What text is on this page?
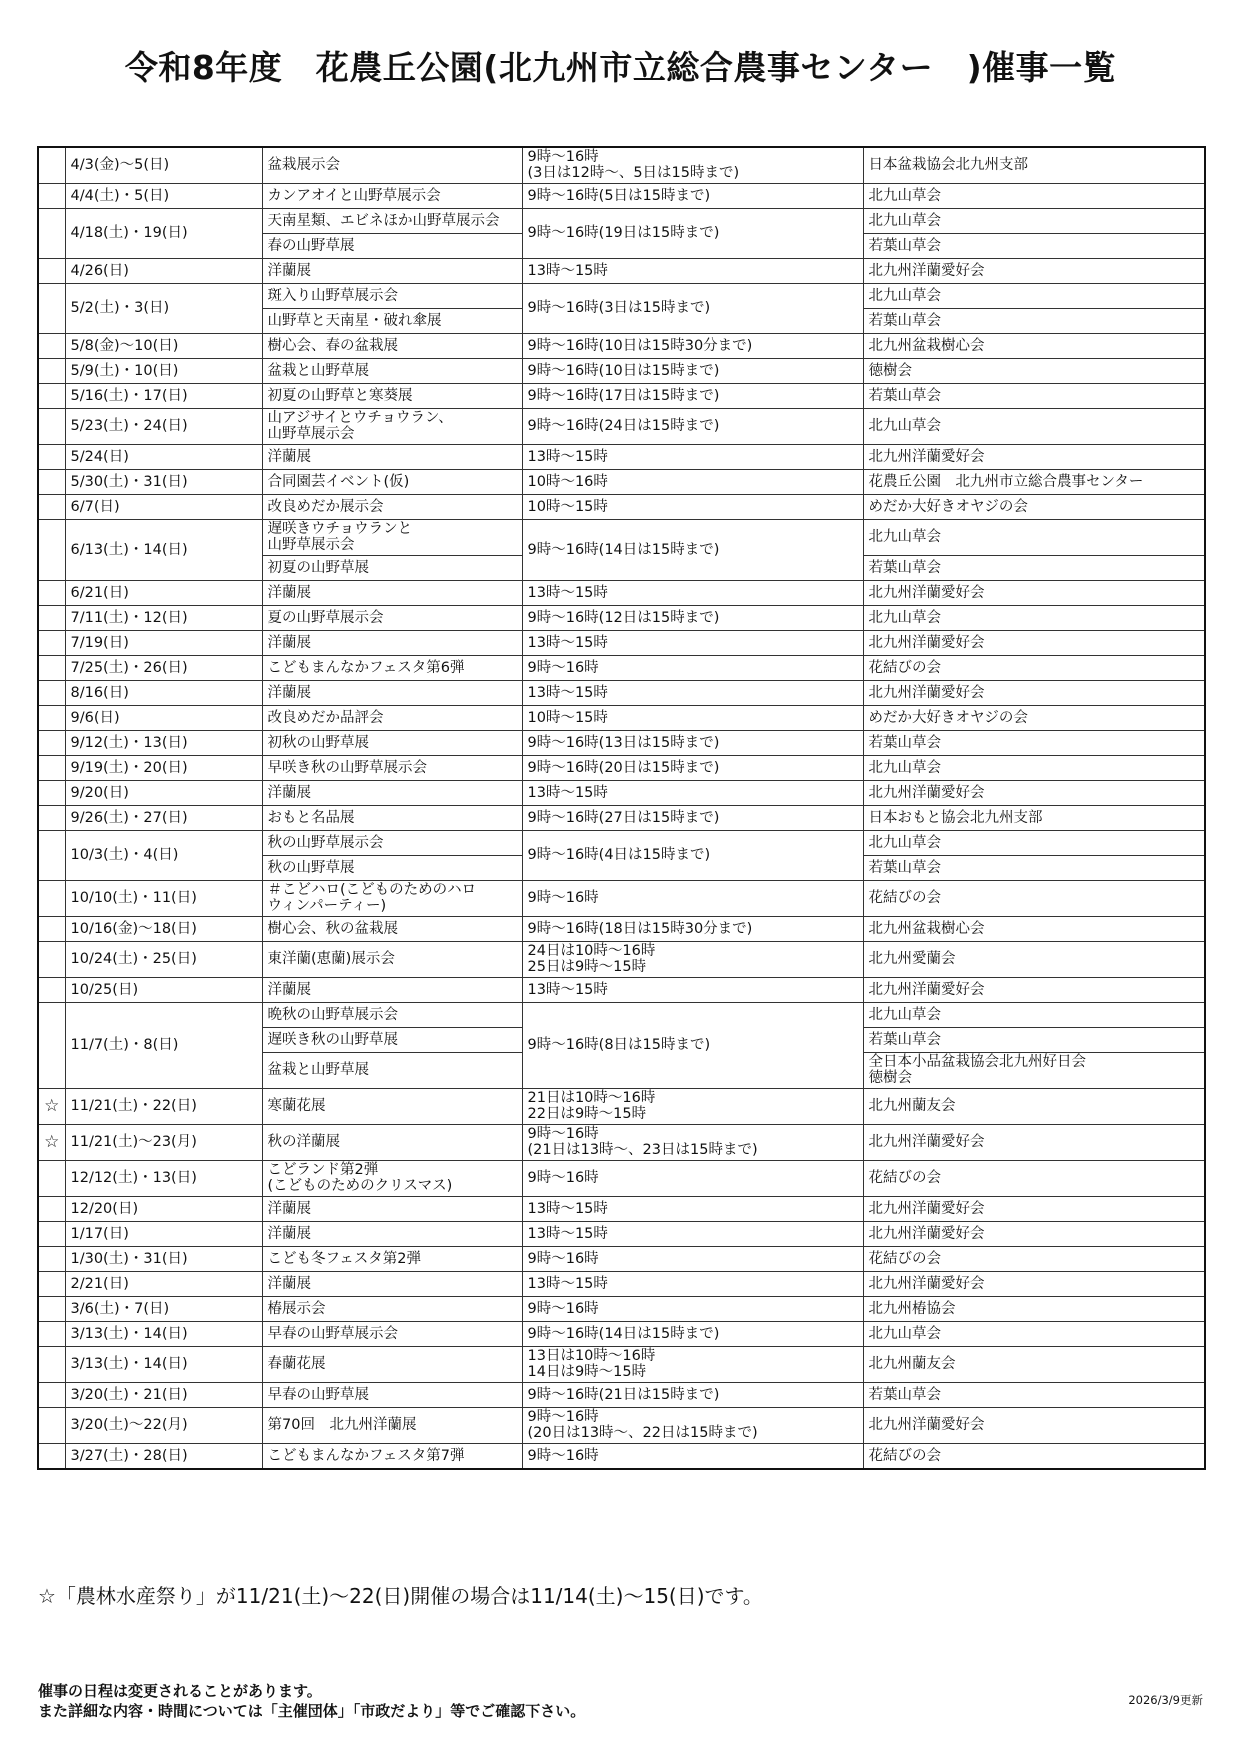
令和8年度　花農丘公園(北九州市立総合農事センター　)催事一覧
	4/3(金)～5(日)	盆栽展示会	9時～16時
(3日は12時～、5日は15時まで)	日本盆栽協会北九州支部
	4/4(土)・5(日)	カンアオイと山野草展示会	9時～16時(5日は15時まで)	北九山草会
	4/18(土)・19(日)	天南星類、エビネほか山野草展示会	9時～16時(19日は15時まで)	北九山草会
		春の山野草展		若葉山草会
	4/26(日)	洋蘭展	13時～15時	北九州洋蘭愛好会
	5/2(土)・3(日)	斑入り山野草展示会	9時～16時(3日は15時まで)	北九山草会
		山野草と天南星・破れ傘展		若葉山草会
	5/8(金)～10(日)	樹心会、春の盆栽展	9時～16時(10日は15時30分まで)	北九州盆栽樹心会
	5/9(土)・10(日)	盆栽と山野草展	9時～16時(10日は15時まで)	徳樹会
	5/16(土)・17(日)	初夏の山野草と寒葵展	9時～16時(17日は15時まで)	若葉山草会
	5/23(土)・24(日)	山アジサイとウチョウラン、
山野草展示会	9時～16時(24日は15時まで)	北九山草会
	5/24(日)	洋蘭展	13時～15時	北九州洋蘭愛好会
	5/30(土)・31(日)	合同園芸イベント(仮)	10時～16時	花農丘公園　北九州市立総合農事センター
	6/7(日)	改良めだか展示会	10時～15時	めだか大好きオヤジの会
	6/13(土)・14(日)	遅咲きウチョウランと
山野草展示会	9時～16時(14日は15時まで)	北九山草会
		初夏の山野草展		若葉山草会
	6/21(日)	洋蘭展	13時～15時	北九州洋蘭愛好会
	7/11(土)・12(日)	夏の山野草展示会	9時～16時(12日は15時まで)	北九山草会
	7/19(日)	洋蘭展	13時～15時	北九州洋蘭愛好会
	7/25(土)・26(日)	こどもまんなかフェスタ第6弾	9時～16時	花結びの会
	8/16(日)	洋蘭展	13時～15時	北九州洋蘭愛好会
	9/6(日)	改良めだか品評会	10時～15時	めだか大好きオヤジの会
	9/12(土)・13(日)	初秋の山野草展	9時～16時(13日は15時まで)	若葉山草会
	9/19(土)・20(日)	早咲き秋の山野草展示会	9時～16時(20日は15時まで)	北九山草会
	9/20(日)	洋蘭展	13時～15時	北九州洋蘭愛好会
	9/26(土)・27(日)	おもと名品展	9時～16時(27日は15時まで)	日本おもと協会北九州支部
	10/3(土)・4(日)	秋の山野草展示会	9時～16時(4日は15時まで)	北九山草会
		秋の山野草展		若葉山草会
	10/10(土)・11(日)	＃こどハロ(こどものためのハロ
ウィンパーティー)	9時～16時	花結びの会
	10/16(金)～18(日)	樹心会、秋の盆栽展	9時～16時(18日は15時30分まで)	北九州盆栽樹心会
	10/24(土)・25(日)	東洋蘭(恵蘭)展示会	24日は10時～16時
25日は9時～15時	北九州愛蘭会
	10/25(日)	洋蘭展	13時～15時	北九州洋蘭愛好会
	11/7(土)・8(日)	晩秋の山野草展示会	9時～16時(8日は15時まで)	北九山草会
		遅咲き秋の山野草展		若葉山草会
		盆栽と山野草展		全日本小品盆栽協会北九州好日会
徳樹会
☆	11/21(土)・22(日)	寒蘭花展	21日は10時～16時
22日は9時～15時	北九州蘭友会
☆	11/21(土)～23(月)	秋の洋蘭展	9時～16時
(21日は13時～、23日は15時まで)	北九州洋蘭愛好会
	12/12(土)・13(日)	こどランド第2弾
(こどものためのクリスマス)	9時～16時	花結びの会
	12/20(日)	洋蘭展	13時～15時	北九州洋蘭愛好会
	1/17(日)	洋蘭展	13時～15時	北九州洋蘭愛好会
	1/30(土)・31(日)	こども冬フェスタ第2弾	9時～16時	花結びの会
	2/21(日)	洋蘭展	13時～15時	北九州洋蘭愛好会
	3/6(土)・7(日)	椿展示会	9時～16時	北九州椿協会
	3/13(土)・14(日)	早春の山野草展示会	9時～16時(14日は15時まで)	北九山草会
	3/13(土)・14(日)	春蘭花展	13日は10時～16時
14日は9時～15時	北九州蘭友会
	3/20(土)・21(日)	早春の山野草展	9時～16時(21日は15時まで)	若葉山草会
	3/20(土)～22(月)	第70回　北九州洋蘭展	9時～16時
(20日は13時～、22日は15時まで)	北九州洋蘭愛好会
	3/27(土)・28(日)	こどもまんなかフェスタ第7弾	9時～16時	花結びの会
☆「農林水産祭り」が11/21(土)～22(日)開催の場合は11/14(土)～15(日)です。
催事の日程は変更されることがあります。
また詳細な内容・時間については「主催団体」「市政だより」等でご確認下さい。
2026/3/9更新
